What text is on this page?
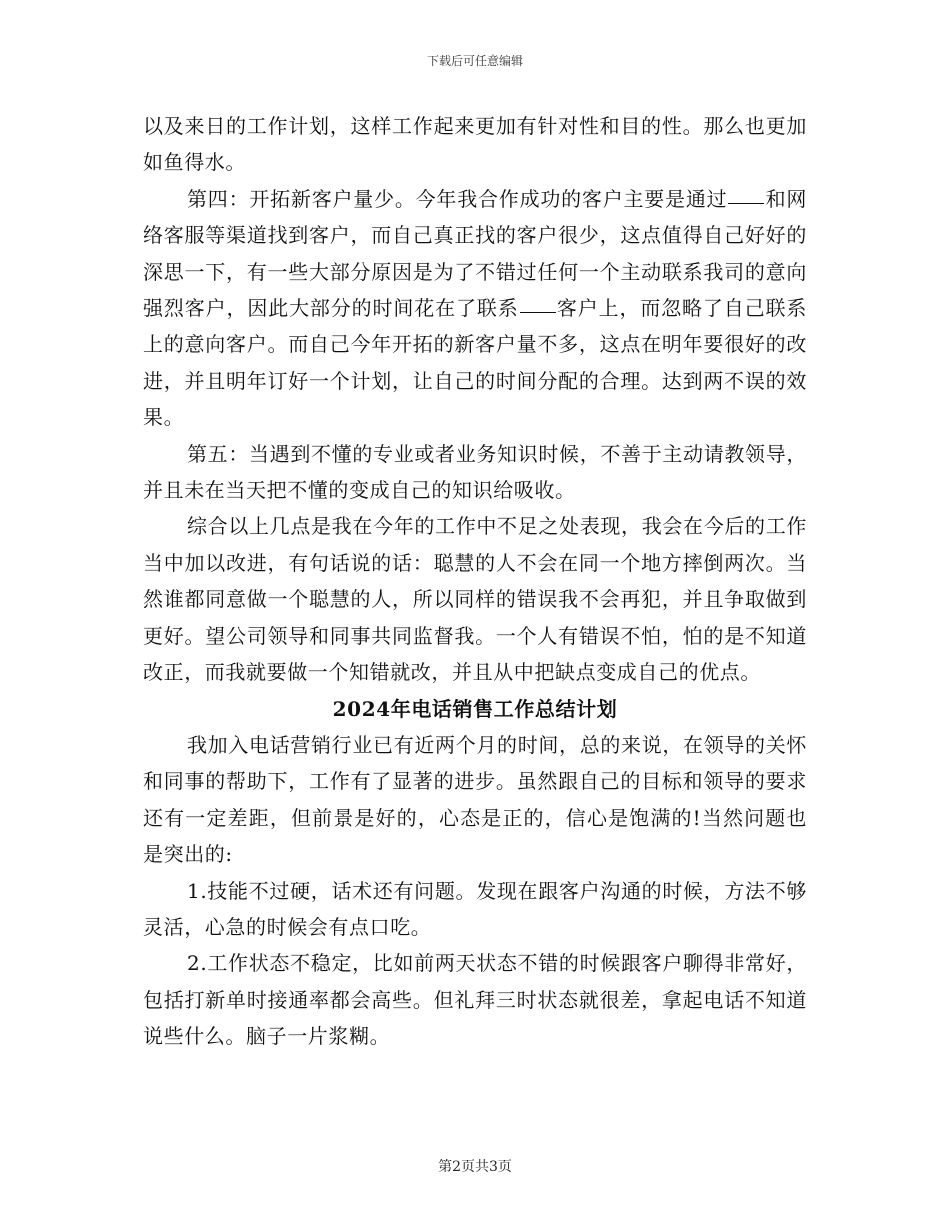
下载后可任意编辑

以及来日的工作计划，这样工作起来更加有针对性和目的性。那么也更加如鱼得水。

第四：开拓新客户量少。今年我合作成功的客户主要是通过 和网络客服等渠道找到客户，而自己真正找的客户很少，这点值得自己好好的深思一下，有一些大部分原因是为了不错过任何一个主动联系我司的意向强烈客户，因此大部分的时间花在了联系 客户上，而忽略了自己联系上的意向客户。而自己今年开拓的新客户量不多，这点在明年要很好的改进，并且明年订好一个计划，让自己的时间分配的合理。达到两不误的效果。

第五：当遇到不懂的专业或者业务知识时候，不善于主动请教领导，并且未在当天把不懂的变成自己的知识给吸收。

综合以上几点是我在今年的工作中不足之处表现，我会在今后的工作当中加以改进，有句话说的话：聪慧的人不会在同一个地方摔倒两次。当然谁都同意做一个聪慧的人，所以同样的错误我不会再犯，并且争取做到更好。望公司领导和同事共同监督我。一个人有错误不怕，怕的是不知道改正，而我就要做一个知错就改，并且从中把缺点变成自己的优点。

2024年电话销售工作总结计划

我加入电话营销行业已有近两个月的时间，总的来说，在领导的关怀和同事的帮助下，工作有了显著的进步。虽然跟自己的目标和领导的要求还有一定差距，但前景是好的，心态是正的，信心是饱满的!当然问题也是突出的:

1.技能不过硬，话术还有问题。发现在跟客户沟通的时候，方法不够灵活，心急的时候会有点口吃。

2.工作状态不稳定，比如前两天状态不错的时候跟客户聊得非常好，包括打新单时接通率都会高些。但礼拜三时状态就很差，拿起电话不知道说些什么。脑子一片浆糊。

第2页共3页
